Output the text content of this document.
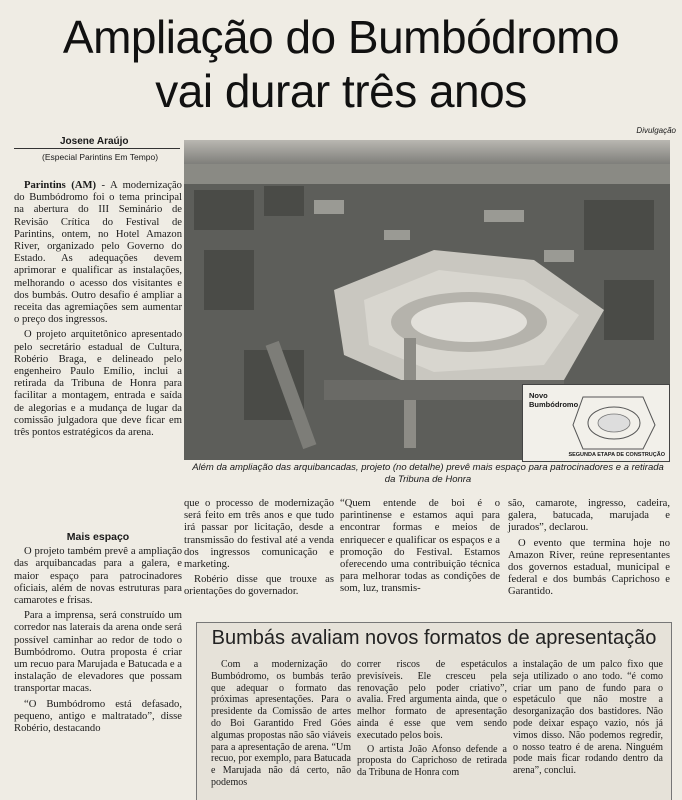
Ampliação do Bumbódromo
vai durar três anos
Josene Araújo
(Especial Parintins Em Tempo)
Divulgação
Novo
Bumbódromo
SEGUNDA ETAPA DE CONSTRUÇÃO
Além da ampliação das arquibancadas, projeto (no detalhe) prevê mais espaço para patrocinadores e a retirada da Tribuna de Honra

Parintins (AM) - A modernização do Bumbódromo foi o tema principal na abertura do III Seminário de Revisão Crítica do Festival de Parintins, ontem, no Hotel Amazon River, organizado pelo Governo do Estado. As adequações devem aprimorar e qualificar as instalações, melhorando o acesso dos visitantes e dos bumbás. Outro desafio é ampliar a receita das agremiações sem aumentar o preço dos ingressos.

O projeto arquitetônico apresentado pelo secretário estadual de Cultura, Robério Braga, e delineado pelo engenheiro Paulo Emílio, inclui a retirada da Tribuna de Honra para facilitar a montagem, entrada e saída de alegorias e a mudança de lugar da comissão julgadora que deve ficar em três pontos estratégicos da arena.

Mais espaço

O projeto também prevê a ampliação das arquibancadas para a galera, e maior espaço para patrocinadores oficiais, além de novas estruturas para camarotes e frisas.

Para a imprensa, será construído um corredor nas laterais da arena onde será possível caminhar ao redor de todo o Bumbódromo. Outra proposta é criar um recuo para Marujada e Batucada e a instalação de elevadores que possam transportar macas.

“O Bumbódromo está defasado, pequeno, antigo e maltratado”, disse Robério, destacando

que o processo de modernização será feito em três anos e que tudo irá passar por licitação, desde a transmissão do festival até a venda dos ingressos comunicação e marketing.

Robério disse que trouxe as orientações do governador.

“Quem entende de boi é o parintinense e estamos aqui para encontrar formas e meios de enriquecer e qualificar os espaços e a promoção do Festival. Estamos oferecendo uma contribuição técnica para melhorar todas as condições de som, luz, transmis-

são, camarote, ingresso, cadeira, galera, batucada, marujada e jurados”, declarou.

O evento que termina hoje no Amazon River, reúne representantes dos governos estadual, municipal e federal e dos bumbás Caprichoso e Garantido.

Bumbás avaliam novos formatos de apresentação

Com a modernização do Bumbódromo, os bumbás terão que adequar o formato das próximas apresentações. Para o presidente da Comissão de artes do Boi Garantido Fred Góes algumas propostas não são viáveis para a apresentação de arena. “Um recuo, por exemplo, para Batucada e Marujada não dá certo, não podemos

correr riscos de espetáculos previsíveis. Ele cresceu pela renovação pelo poder criativo”, avalia. Fred argumenta ainda, que o melhor formato de apresentação ainda é esse que vem sendo executado pelos bois.

O artista João Afonso defende a proposta do Caprichoso de retirada da Tribuna de Honra com

a instalação de um palco fixo que seja utilizado o ano todo. “é como criar um pano de fundo para o espetáculo que não mostre a desorganização dos bastidores. Não pode deixar espaço vazio, nós já vimos disso. Não podemos regredir, o nosso teatro é de arena. Ninguém pode mais ficar rodando dentro da arena”, conclui.
